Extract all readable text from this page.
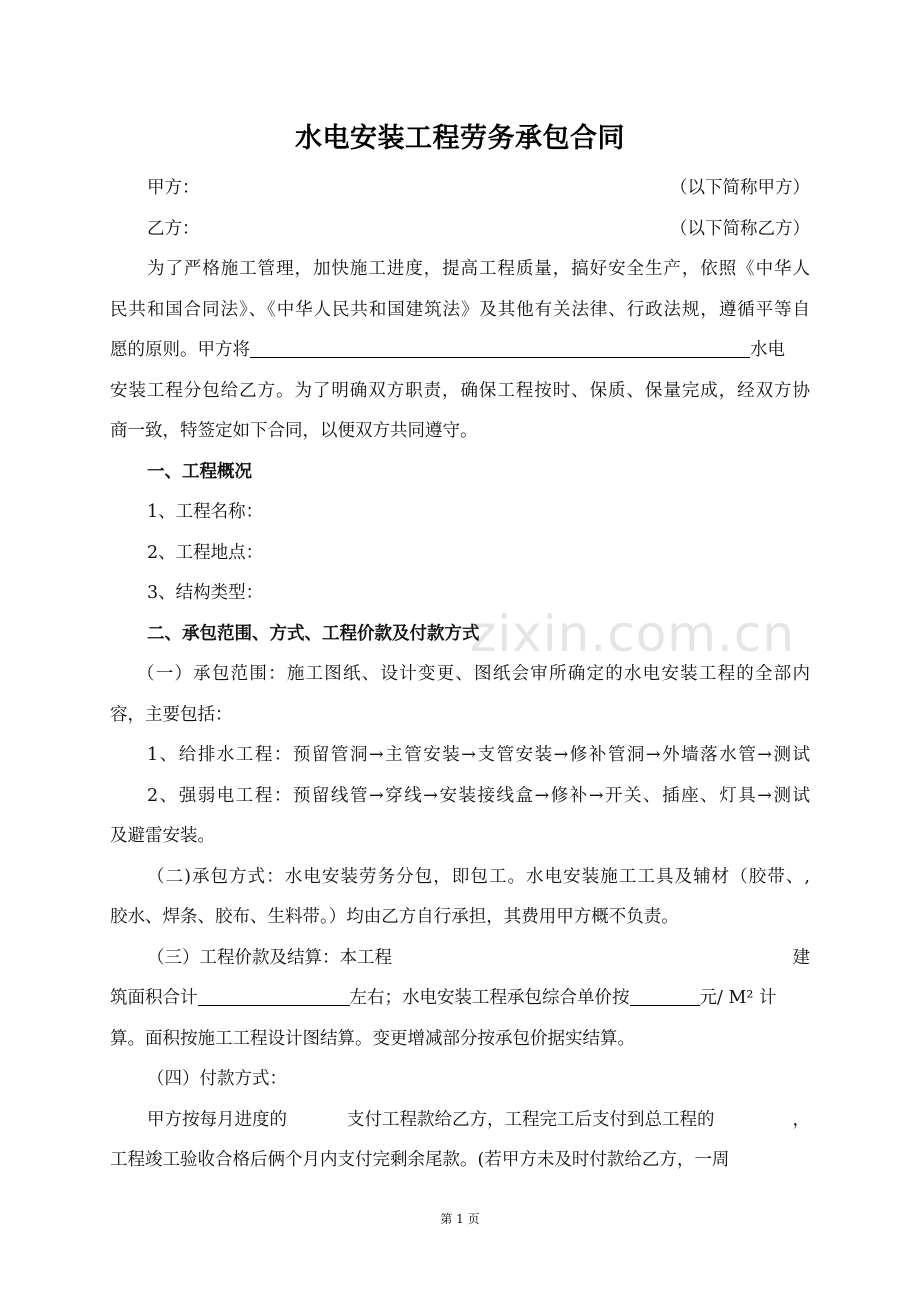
水电安装工程劳务承包合同
甲方：	（以下简称甲方）
乙方：	（以下简称乙方）
为了严格施工管理，加快施工进度，提高工程质量，搞好安全生产，依照《中华人
民共和国合同法》、《中华人民共和国建筑法》及其他有关法律、行政法规，遵循平等自
愿的原则。甲方将	水电
安装工程分包给乙方。为了明确双方职责，确保工程按时、保质、保量完成，经双方协
商一致，特签定如下合同，以便双方共同遵守。
一、工程概况
1、工程名称：
2、工程地点：
3、结构类型：
二、承包范围、方式、工程价款及付款方式
（一）承包范围：施工图纸、设计变更、图纸会审所确定的水电安装工程的全部内
容，主要包括：
1、给排水工程：预留管洞→主管安装→支管安装→修补管洞→外墙落水管→测试
2、强弱电工程：预留线管→穿线→安装接线盒→修补→开关、插座、灯具→测试
及避雷安装。
（二)承包方式：水电安装劳务分包，即包工。水电安装施工工具及辅材（胶带、,
胶水、焊条、胶布、生料带。）均由乙方自行承担，其费用甲方概不负责。
（三）工程价款及结算：本工程	建
筑面积合计	左右；水电安装工程承包综合单价按	元/ M² 计
算。面积按施工工程设计图结算。变更增减部分按承包价据实结算。
（四）付款方式：
甲方按每月进度的	支付工程款给乙方，工程完工后支付到总工程的	，
工程竣工验收合格后俩个月内支付完剩余尾款。(若甲方未及时付款给乙方，一周
zixin.com.cn
第 1 页
